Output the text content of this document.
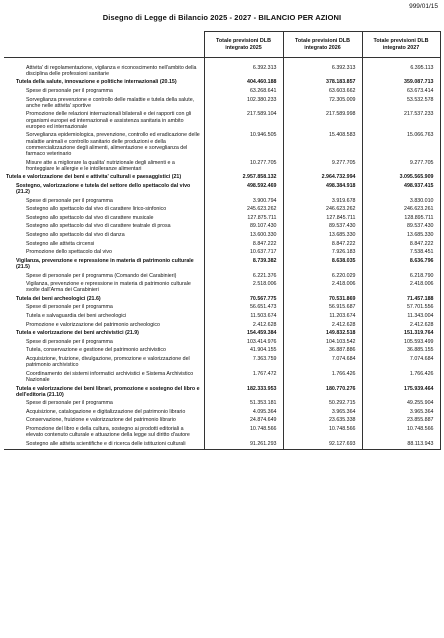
999/01/15
Disegno di Legge di Bilancio 2025 - 2027 - BILANCIO PER AZIONI
	Totale previsioni DLB integrato 2025	Totale previsioni DLB integrato 2026	Totale previsioni DLB integrato 2027

Attivita' di regolamentazione, vigilanza e riconoscimento nell'ambito della disciplina delle professioni sanitarie	6.392.313	6.392.313	6.395.113
Tutela della salute, innovazione e politiche internazionali (20.15)	404.460.188	378.183.857	359.087.713
Spese di personale per il programma	63.268.641	63.603.662	63.673.414
Sorveglianza prevenzione e controllo delle malattie e tutela della salute, anche nelle attivita' sportive	102.380.233	72.305.009	53.532.578
Promozione delle relazioni internazionali bilaterali e dei rapporti con gli organismi europei ed internazionali e assistenza sanitaria in ambito europeo ed internazionale	217.589.104	217.589.998	217.537.233
Sorveglianza epidemiologica, prevenzione, controllo ed eradicazione delle malattie animali e controllo sanitario delle produzioni e della commercializzazione degli alimenti, alimentazione e sorveglianza del farmaco veterinario	10.946.505	15.408.583	15.066.763
Misure atte a migliorare la qualita' nutrizionale degli alimenti e a fronteggiare le allergie e le intolleranze alimentari	10.277.705	9.277.705	9.277.705
Tutela e valorizzazione dei beni e attivita' culturali e paesaggistici (21)	2.957.858.132	2.964.732.994	3.095.565.909
Sostegno, valorizzazione e tutela del settore dello spettacolo dal vivo (21.2)	498.592.469	498.384.918	498.937.415
Spese di personale per il programma	3.900.794	3.919.678	3.830.010
Sostegno allo spettacolo dal vivo di carattere lirico-sinfonico	245.623.262	246.623.262	246.623.261
Sostegno allo spettacolo dal vivo di carattere musicale	127.875.711	127.845.711	128.895.711
Sostegno allo spettacolo dal vivo di carattere teatrale di prosa	89.107.430	89.537.430	89.537.430
Sostegno allo spettacolo dal vivo di danza	13.600.330	13.685.330	13.685.330
Sostegno alle attivita circensi	8.847.222	8.847.222	8.847.222
Promozione dello spettacolo dal vivo	10.637.717	7.926.183	7.538.451
Vigilanza, prevenzione e repressione in materia di patrimonio culturale (21.5)	8.739.382	8.638.035	8.636.796
Spese di personale per il programma (Comando dei Carabinieri)	6.221.376	6.220.029	6.218.790
Vigilanza, prevenzione e repressione in materia di patrimonio culturale svolte dall'Arma dei Carabinieri	2.518.006	2.418.006	2.418.006
Tutela dei beni archeologici (21.6)	70.567.775	70.531.869	71.457.188
Spese di personale per il programma	56.651.473	56.915.687	57.701.556
Tutela e salvaguardia dei beni archeologici	11.503.674	11.203.674	11.343.004
Promozione e valorizzazione del patrimonio archeologico	2.412.628	2.412.628	2.412.628
Tutela e valorizzazione dei beni archivistici (21.9)	154.459.384	149.832.518	151.319.764
Spese di personale per il programma	103.414.976	104.103.542	105.593.499
Tutela, conservazione e gestione del patrimonio archivistico	41.904.155	36.887.886	36.885.155
Acquisizione, fruizione, divulgazione, promozione e valorizzazione del patrimonio archivistico	7.363.759	7.074.684	7.074.684
Coordinamento dei sistemi informatici archivistici e Sistema Archivistico Nazionale	1.767.472	1.766.426	1.766.426
Tutela e valorizzazione dei beni librari, promozione e sostegno del libro e dell'editoria (21.10)	182.333.953	180.770.276	175.939.464
Spese di personale per il programma	51.353.181	50.292.715	49.255.904
Acquisizione, catalogazione e digitalizzazione del patrimonio librario	4.095.364	3.965.364	3.965.364
Conservazione, fruizione e valorizzazione del patrimonio librario	24.874.649	23.635.338	23.855.887
Promozione del libro e della cultura, sostegno ai prodotti editoriali a elevato contenuto culturale e attuazione della legge sul diritto d'autore	10.748.566	10.748.566	10.748.566
Sostegno alle attivita scientifiche e di ricerca delle istituzioni culturali	91.261.293	92.127.693	88.113.943
